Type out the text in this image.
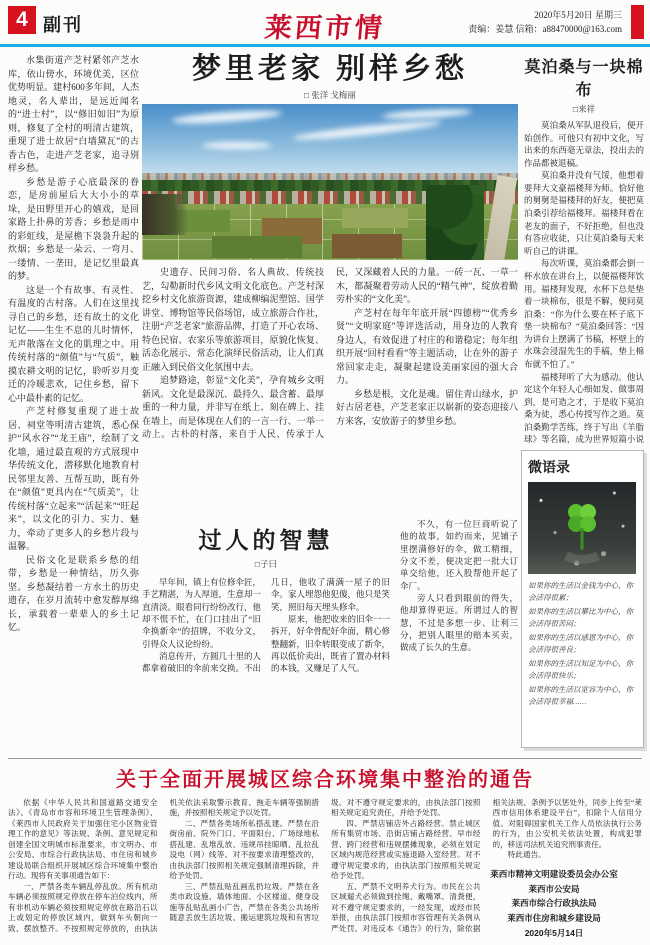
4 副刊	莱西市情	2020年5月20日 星期三
责编：姜慧 信箱：a88470000@163.com

水集街道产芝村紧邻产芝水库，依山傍水，环境优美，区位优势明显。建村600多年间，人杰地灵，名人辈出，是远近闻名的“进士村”，以“修旧如旧”为原则，修复了全村的明清古建筑，重现了进士故居“白墙黛瓦”的古香古色，走进产芝老家，追寻别样乡愁。

乡愁是游子心底最深的眷恋，是房前屋后大大小小的草垛，是田野里开心的嬉戏，是回家路上扑鼻的芳香；乡愁是雨中的彩虹线，是屋檐下袅袅升起的炊烟；乡愁是一朵云、一弯月、一缕情、一垄田，是记忆里最真的梦。

这是一个有故事、有灵性、有温度的古村落。人们在这里找寻自己的乡愁，还有故土的文化记忆——生生不息的儿时情怀，无声散落在文化的肌理之中。用传统村落的“颜值”与“气质”，触摸农耕文明的记忆，聆听岁月变迁的冷暖悲欢，记住乡愁，留下心中最朴素的记忆。

产芝村修复重现了进士故居、祠堂等明清古建筑，悉心保护“风水谷”“龙王庙”，绘制了文化墙，通过最直观的方式展现中华传统文化，潜移默化地教育村民邻里友善、互帮互助，既有外在“颜值”更具内在“气质美”，让传统村落“立起来”“活起来”“旺起来”，以文化的引力、实力、魅力，牵动了更多人的乡愁片段与温馨。

民俗文化是联系乡愁的纽带，乡愁是一种情结，历久弥坚。乡愁凝结着一方水土的历史遗存，在岁月流转中愈发醇厚绵长，承载着一辈辈人的乡土记忆。

梦里老家 别样乡愁
□ 张洋 戈梅丽

史遗存、民间习俗、名人典故、传统技艺，勾勒新时代乡风文明文化底色。产芝村深挖乡村文化旅游资源，建成柳编泥塑馆、国学讲堂、博物馆等民俗场馆，成立旅游合作社，注册“产芝老家”旅游品牌，打造了开心农场、特色民宿、农家乐等旅游项目，原貌化恢复、活态化展示、常态化演绎民俗活动，让人们真正融入到民俗文化氛围中去。

追梦路途，彰显“文化美”，孕育城乡文明新风。文化是最深沉、最持久、最含蓄、最厚重的一种力量，并非写在纸上、刻在碑上、挂在墙上，而是体现在人们的一言一行、一举一动上。古朴的村落，来自于人民、传承于人民，又深藏着人民的力量。一砖一瓦、一草一木，都凝聚着劳动人民的“精气神”，绽放着勤劳朴实的“文化美”。

产芝村在每年年底开展“四德榜”“优秀乡贤”“文明家庭”等评选活动，用身边的人教育身边人，有效促进了村庄的和谐稳定；每年组织开展“回村看看”等主题活动，让在外的游子常回家走走，凝聚起建设美丽家园的强大合力。

乡愁是根，文化是魂。留住青山绿水，护好古居老巷，产芝老家正以崭新的姿态迎接八方来客，安放游子的梦里乡愁。

过人的智慧
□子曰

早年间，镇上有位修伞匠，手艺精湛，为人厚道，生意却一直清淡。眼看同行纷纷改行，他却不慌不忙，在门口挂出了“旧伞换新伞”的招牌，不收分文，引得众人议论纷纷。

消息传开，方圆几十里的人都拿着破旧的伞前来交换。不出几日，他收了满满一屋子的旧伞。家人埋怨他犯傻，他只是笑笑，照旧每天埋头修伞。

原来，他把收来的旧伞一一拆开，好伞骨配好伞面，精心修整翻新，旧伞转眼变成了新伞，再以低价卖出，既省了置办材料的本钱，又赚足了人气。

不久，有一位巨商听说了他的故事，如约而来，见铺子里摆满修好的伞，做工精细，分文不差，便决定把一批大订单交给他，还入股帮他开起了伞厂。

旁人只看到眼前的得失，他却算得更远。所谓过人的智慧，不过是多想一步、让利三分，把别人眼里的赔本买卖，做成了长久的生意。

莫泊桑与一块棉布
□来祥

莫泊桑从军队退役后，便开始创作。可他只有初中文化，写出来的东西毫无章法，投出去的作品都被退稿。

莫泊桑并没有气馁，他想着要拜大文豪福楼拜为师。恰好他的舅舅是福楼拜的好友，便把莫泊桑引荐给福楼拜。福楼拜看在老友的面子，不好拒绝，但也没有答应收徒，只让莫泊桑每天来听自己的讲课。

每次听课，莫泊桑都会倒一杯水放在讲台上，以便福楼拜饮用。福楼拜发现，水杯下总是垫着一块棉布，很是不解，便问莫泊桑：“你为什么要在杯子底下垫一块棉布？”莫泊桑回答：“因为讲台上摆满了书稿，杯壁上的水珠会浸湿先生的手稿，垫上棉布就不怕了。”

福楼拜听了大为感动。他认定这个年轻人心细如发、做事周到，是可造之才，于是收下莫泊桑为徒，悉心传授写作之道。莫泊桑勤学苦练，终于写出《羊脂球》等名篇，成为世界短篇小说

微语录

如果你的生活以金钱为中心，你会活得很累；

如果你的生活以攀比为中心，你会活得很苦闷；

如果你的生活以感恩为中心，你会活得很善良；

如果你的生活以知足为中心，你会活得很快乐；

如果你的生活以宽容为中心，你会活得很幸福……

关于全面开展城区综合环境集中整治的通告

依据《中华人民共和国道路交通安全法》、《青岛市市容和环境卫生管理条例》、《莱西市人民政府关于加强住宅小区物业管理工作的意见》等法规、条例、意见规定和创建全国文明城市标准要求，市文明办、市公安局、市综合行政执法局、市住房和城乡建设局联合组织开展城区综合环境集中整治行动。现将有关事项通告如下：

一、严禁各类车辆乱停乱放。所有机动车辆必须按照规定停放在停车泊位线内，所有非机动车辆必须按照规定停放在路沿石以上或划定的停放区域内，做到车头朝向一致、摆放整齐。不按照规定停放的，由执法机关依法采取警示教育、拖走车辆等强制措施，并按照相关规定予以处罚。

二、严禁各类场所私搭乱建。严禁在沿街房前、院外门口、平面阳台、广场绿地私搭乱建、乱堆乱放、违规吊挂晾晒、乱拉乱设电（网）线等。对不按要求清理整改的，由执法部门按照相关规定强制清理拆除，并给予处罚。

三、严禁乱贴乱画乱扔垃圾。严禁在各类市政设施、墙体地面、小区楼道、健身设施等乱贴乱画小广告，严禁在各类公共场所随意丢放生活垃圾、搬运建筑垃圾和有害垃圾。对不遵守规定要求的，由执法部门按照相关规定追究责任，并给予处罚。

四、严禁店铺店外占路经营。禁止城区所有集贸市场、沿街店铺占路经营、早市经营、跨门经营和违规摆摊现象，必须在划定区域内规范经营或实施退路入室经营。对不遵守规定要求的，由执法部门按照相关规定给予处罚。

五、严禁不文明养犬行为。市民在公共区域遛犬必须做到拴绳、戴嘴罩、清粪便，对不遵守规定要求的，一经发现，或经市民举报，由执法部门按照市容管理有关条例从严处罚。对违反本《通告》的行为，除依据相关法规、条例予以惩处外，同步上传至“莱西市信用体系建设平台”，扣除个人信用分值。对阻碍国家机关工作人员依法执行公务的行为，由公安机关依法处置，构成犯罪的，移送司法机关追究刑事责任。

特此通告。

莱西市精神文明建设委员会办公室
莱西市公安局
莱西市综合行政执法局
莱西市住房和城乡建设局
2020年5月14日
